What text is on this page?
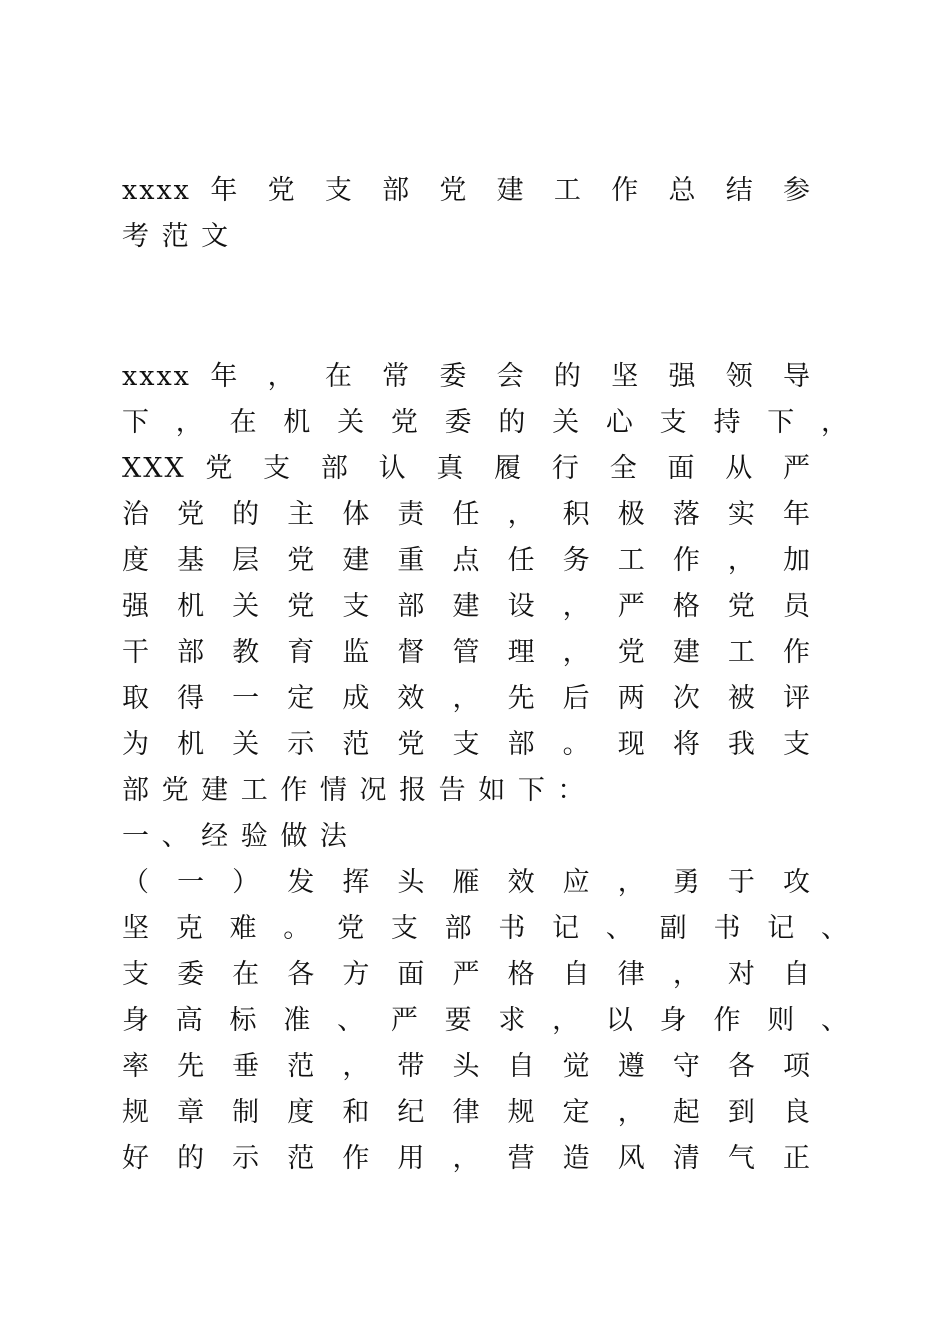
xxxx 年 党 支 部 党 建 工 作 总 结 参
考 范 文
xxxx 年 ， 在 常 委 会 的 坚 强 领 导
下 ， 在 机 关 党 委 的 关 心 支 持 下 ，
XXX 党 支 部 认 真 履 行 全 面 从 严
治 党 的 主 体 责 任 ， 积 极 落 实 年
度 基 层 党 建 重 点 任 务 工 作 ， 加
强 机 关 党 支 部 建 设 ， 严 格 党 员
干 部 教 育 监 督 管 理 ， 党 建 工 作
取 得 一 定 成 效 ， 先 后 两 次 被 评
为 机 关 示 范 党 支 部 。 现 将 我 支
部 党 建 工 作 情 况 报 告 如 下 ：
一 、 经 验 做 法
（ 一 ） 发 挥 头 雁 效 应 ， 勇 于 攻
坚 克 难 。 党 支 部 书 记 、 副 书 记 、
支 委 在 各 方 面 严 格 自 律 ， 对 自
身 高 标 准 、 严 要 求 ， 以 身 作 则 、
率 先 垂 范 ， 带 头 自 觉 遵 守 各 项
规 章 制 度 和 纪 律 规 定 ， 起 到 良
好 的 示 范 作 用 ， 营 造 风 清 气 正
